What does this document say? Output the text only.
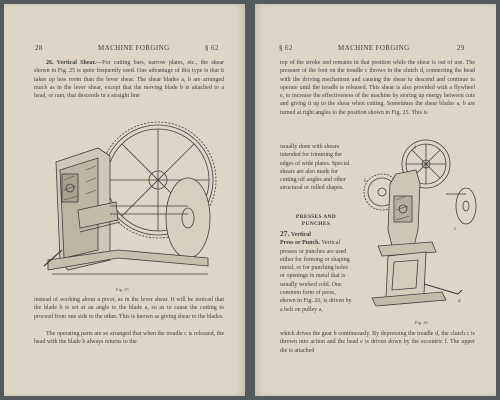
28	MACHINE FORGING	§ 62

26. Vertical Shear.—For cutting bars, narrow plates, etc., the shear shown in Fig. 25 is quite frequently used. One advantage of this type is that it takes up less room than the lever shear. The shear blades a, b are arranged much as in the lever shear, except that the moving blade b is attached to a head, or ram, that descends in a straight line

Fig. 25

instead of working about a pivot, as in the lever shear. It will be noticed that the blade b is set at an angle to the blade a, so as to cause the cutting to proceed from one side to the other. This is known as giving shear to the blades.

The operating parts are so arranged that when the treadle c is released, the head with the blade b always returns to the

§ 62	MACHINE FORGING	29

top of the stroke and remains in that position while the shear is out of use. The pressure of the foot on the treadle c throws in the clutch d, connecting the head with the driving mechanism and causing the shear to descend and continue to operate until the treadle is released. This shear is also provided with a flywheel e, to increase the effectiveness of the machine by storing up energy between cuts and giving it up to the shear when cutting. Sometimes the shear blades a, b are turned at right angles to the position shown in Fig. 25. This is

usually done with shears intended for trimming the edges of wide plates. Special shears are also made for cutting off angles and other structural or rolled shapes.

PRESSES AND
PUNCHES

27. Vertical
Press or Punch. Vertical presses or punches are used either for forming or shaping metal, or for punching holes or openings in metal that is usually worked cold. One common form of press, shown in Fig. 26, is driven by a belt on pulley a,

a
b
c
d
Fig. 26

which drives the gear b continuously. By depressing the treadle d, the clutch c is thrown into action and the head e is driven down by the eccentric f. The upper die is attached
